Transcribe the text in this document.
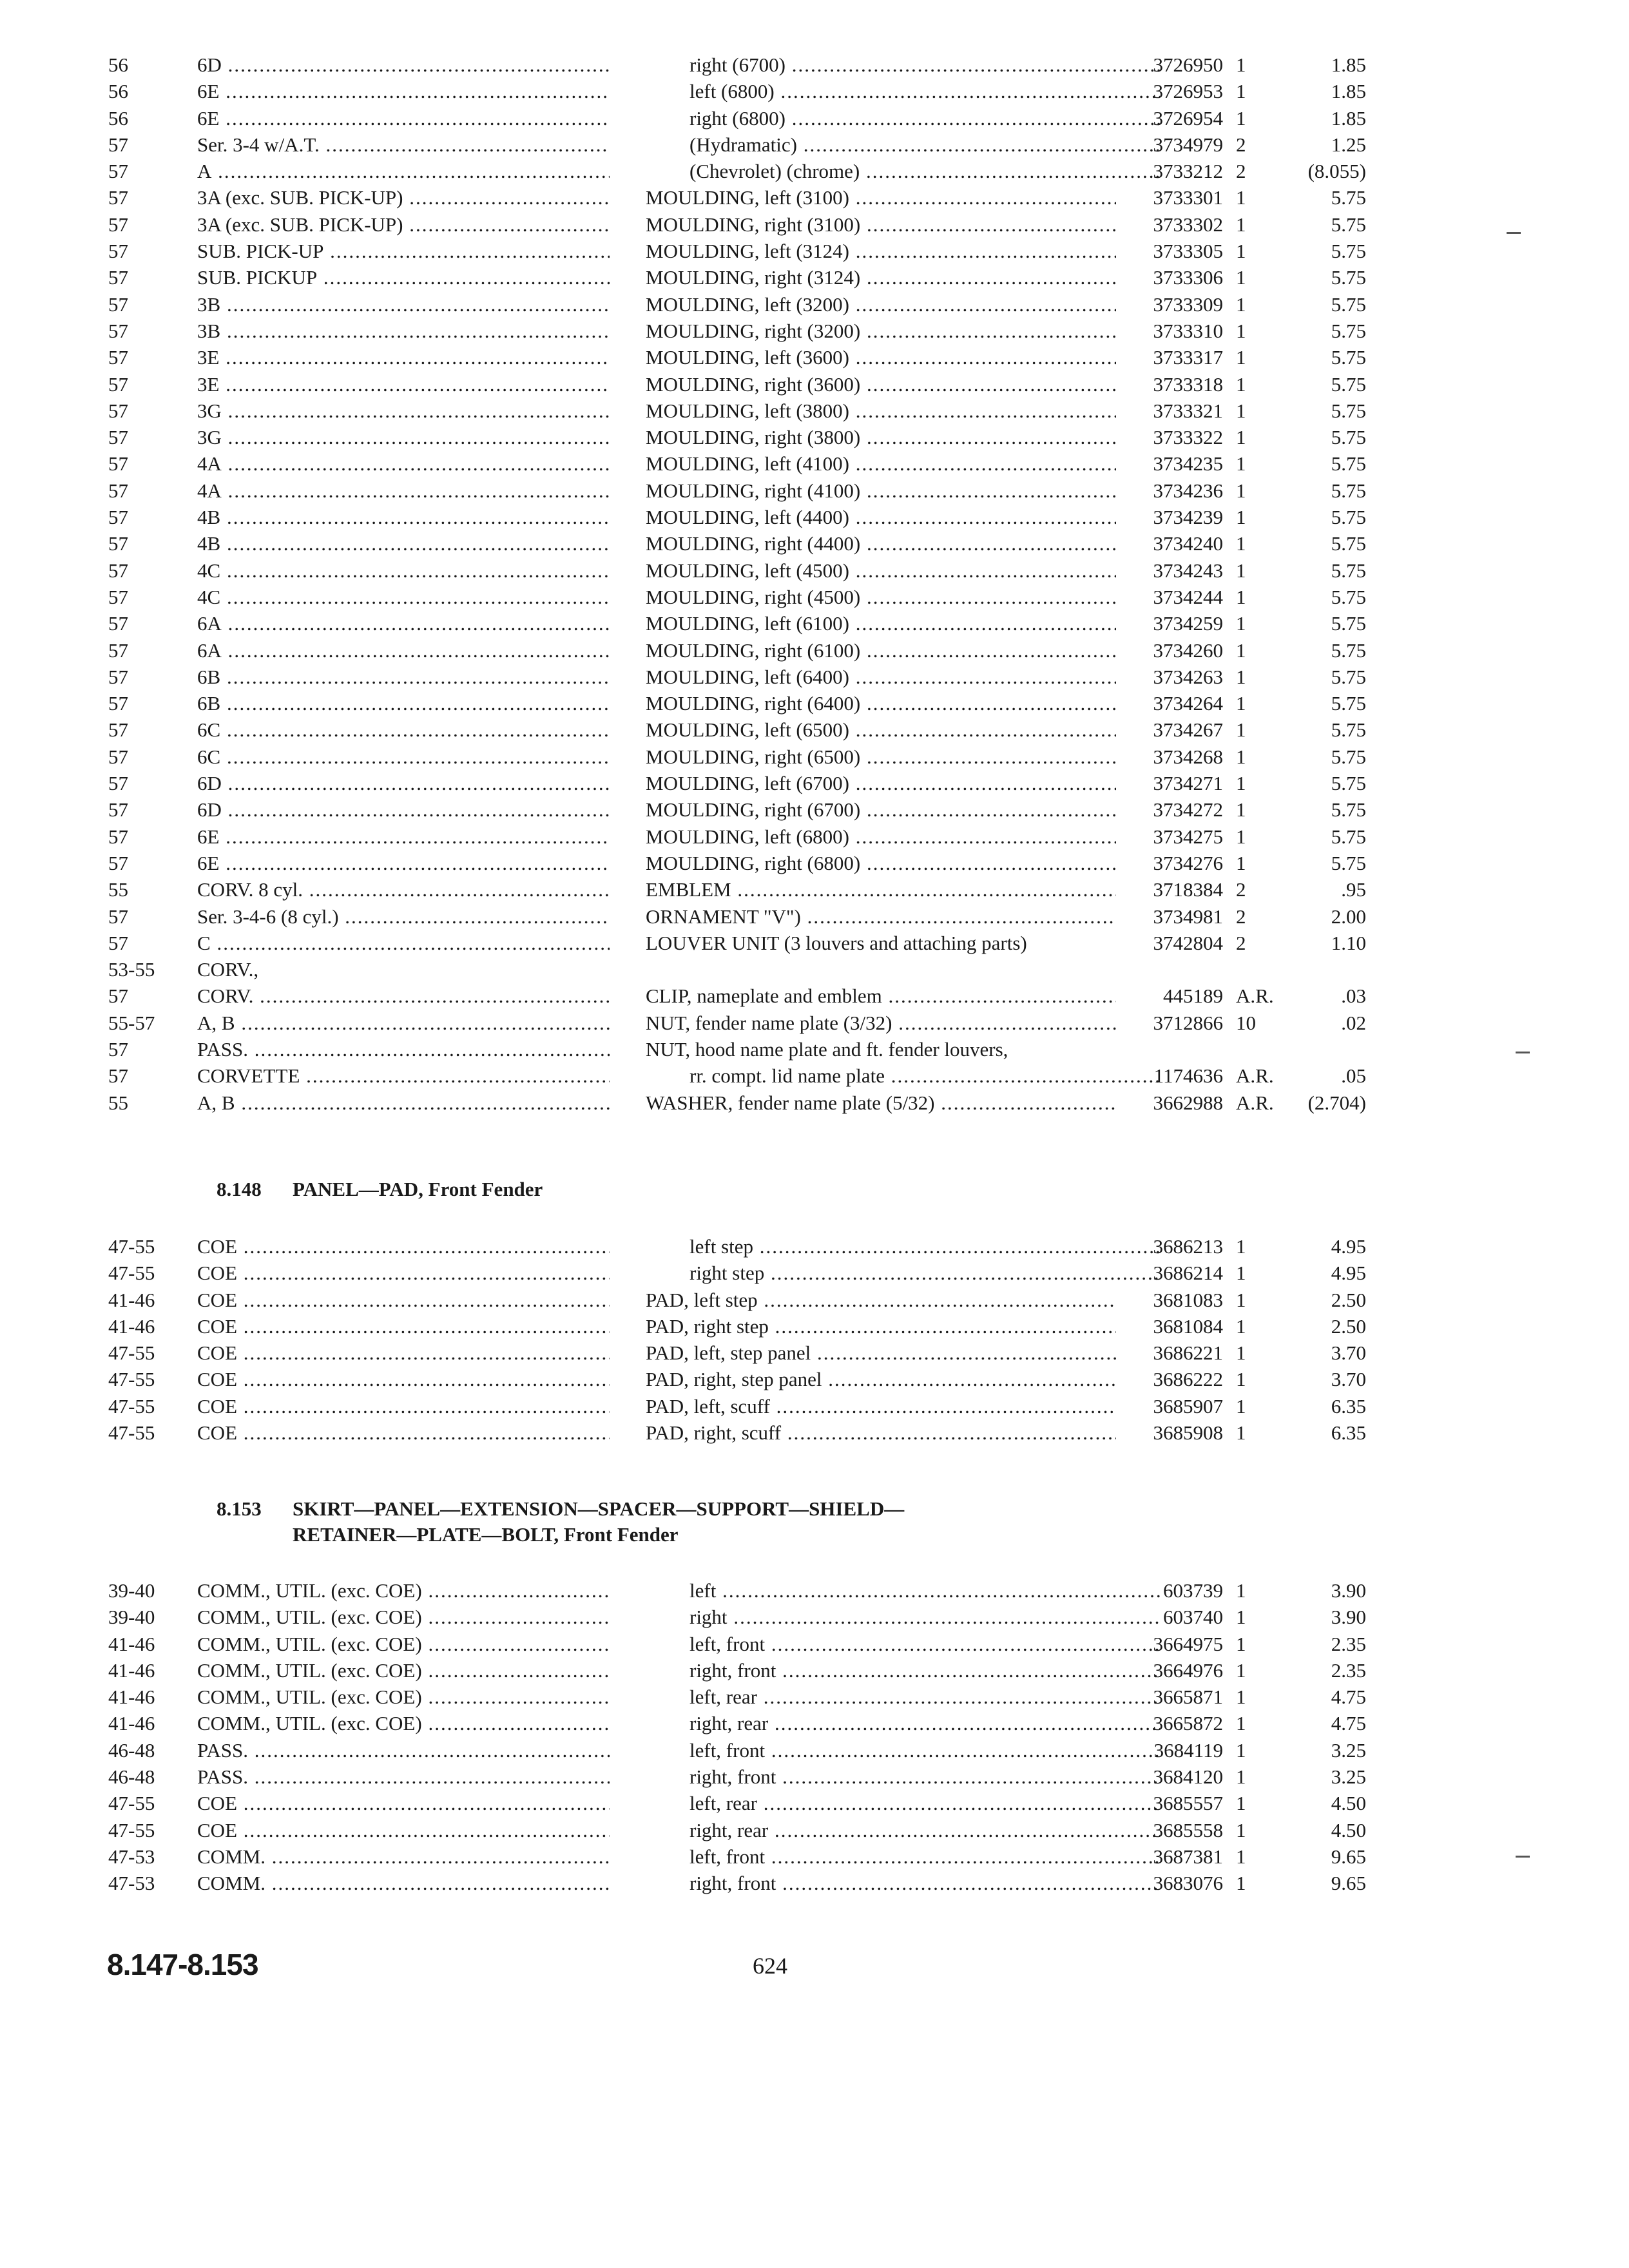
56	6D .....	right (6700) .....	3726950 1	1.85
56	6E .....	left (6800) .....	3726953 1	1.85
56	6E .....	right (6800) .....	3726954 1	1.85
57	Ser. 3-4 w/A.T. .....	(Hydramatic) .....	3734979 2	1.25
57	A .....	(Chevrolet) (chrome) .....	3733212 2	(8.055)
57	3A (exc. SUB. PICK-UP) .....	MOULDING, left (3100) .....	3733301 1	5.75
57	3A (exc. SUB. PICK-UP) .....	MOULDING, right (3100) .....	3733302 1	5.75
57	SUB. PICK-UP .....	MOULDING, left (3124) .....	3733305 1	5.75
57	SUB. PICKUP .....	MOULDING, right (3124) .....	3733306 1	5.75
57	3B .....	MOULDING, left (3200) .....	3733309 1	5.75
57	3B .....	MOULDING, right (3200) .....	3733310 1	5.75
57	3E .....	MOULDING, left (3600) .....	3733317 1	5.75
57	3E .....	MOULDING, right (3600) .....	3733318 1	5.75
57	3G .....	MOULDING, left (3800) .....	3733321 1	5.75
57	3G .....	MOULDING, right (3800) .....	3733322 1	5.75
57	4A .....	MOULDING, left (4100) .....	3734235 1	5.75
57	4A .....	MOULDING, right (4100) .....	3734236 1	5.75
57	4B .....	MOULDING, left (4400) .....	3734239 1	5.75
57	4B .....	MOULDING, right (4400) .....	3734240 1	5.75
57	4C .....	MOULDING, left (4500) .....	3734243 1	5.75
57	4C .....	MOULDING, right (4500) .....	3734244 1	5.75
57	6A .....	MOULDING, left (6100) .....	3734259 1	5.75
57	6A .....	MOULDING, right (6100) .....	3734260 1	5.75
57	6B .....	MOULDING, left (6400) .....	3734263 1	5.75
57	6B .....	MOULDING, right (6400) .....	3734264 1	5.75
57	6C .....	MOULDING, left (6500) .....	3734267 1	5.75
57	6C .....	MOULDING, right (6500) .....	3734268 1	5.75
57	6D .....	MOULDING, left (6700) .....	3734271 1	5.75
57	6D .....	MOULDING, right (6700) .....	3734272 1	5.75
57	6E .....	MOULDING, left (6800) .....	3734275 1	5.75
57	6E .....	MOULDING, right (6800) .....	3734276 1	5.75
55	CORV. 8 cyl. .....	EMBLEM .....	3718384 2	.95
57	Ser. 3-4-6 (8 cyl.) .....	ORNAMENT "V") .....	3734981 2	2.00
57	C .....	LOUVER UNIT (3 louvers and attaching parts)	3742804 2	1.10
53-55	CORV.,
57	CORV. .....	CLIP, nameplate and emblem .....	445189 A.R.	.03
55-57	A, B .....	NUT, fender name plate (3/32) .....	3712866 10	.02
57	PASS. .....	NUT, hood name plate and ft. fender louvers,
57	CORVETTE .....	rr. compt. lid name plate .....	1174636 A.R.	.05
55	A, B .....	WASHER, fender name plate (5/32) .....	3662988 A.R.	(2.704)
8.148 PANEL—PAD, Front Fender
47-55	COE .....	left step .....	3686213 1	4.95
47-55	COE .....	right step .....	3686214 1	4.95
41-46	COE .....	PAD, left step .....	3681083 1	2.50
41-46	COE .....	PAD, right step .....	3681084 1	2.50
47-55	COE .....	PAD, left, step panel .....	3686221 1	3.70
47-55	COE .....	PAD, right, step panel .....	3686222 1	3.70
47-55	COE .....	PAD, left, scuff .....	3685907 1	6.35
47-55	COE .....	PAD, right, scuff .....	3685908 1	6.35
8.153 SKIRT—PANEL—EXTENSION—SPACER—SUPPORT—SHIELD—
RETAINER—PLATE—BOLT, Front Fender
39-40	COMM., UTIL. (exc. COE) .....	left .....	603739 1	3.90
39-40	COMM., UTIL. (exc. COE) .....	right .....	603740 1	3.90
41-46	COMM., UTIL. (exc. COE) .....	left, front .....	3664975 1	2.35
41-46	COMM., UTIL. (exc. COE) .....	right, front .....	3664976 1	2.35
41-46	COMM., UTIL. (exc. COE) .....	left, rear .....	3665871 1	4.75
41-46	COMM., UTIL. (exc. COE) .....	right, rear .....	3665872 1	4.75
46-48	PASS. .....	left, front .....	3684119 1	3.25
46-48	PASS. .....	right, front .....	3684120 1	3.25
47-55	COE .....	left, rear .....	3685557 1	4.50
47-55	COE .....	right, rear .....	3685558 1	4.50
47-53	COMM. .....	left, front .....	3687381 1	9.65
47-53	COMM. .....	right, front .....	3683076 1	9.65
8.147-8.153	624
